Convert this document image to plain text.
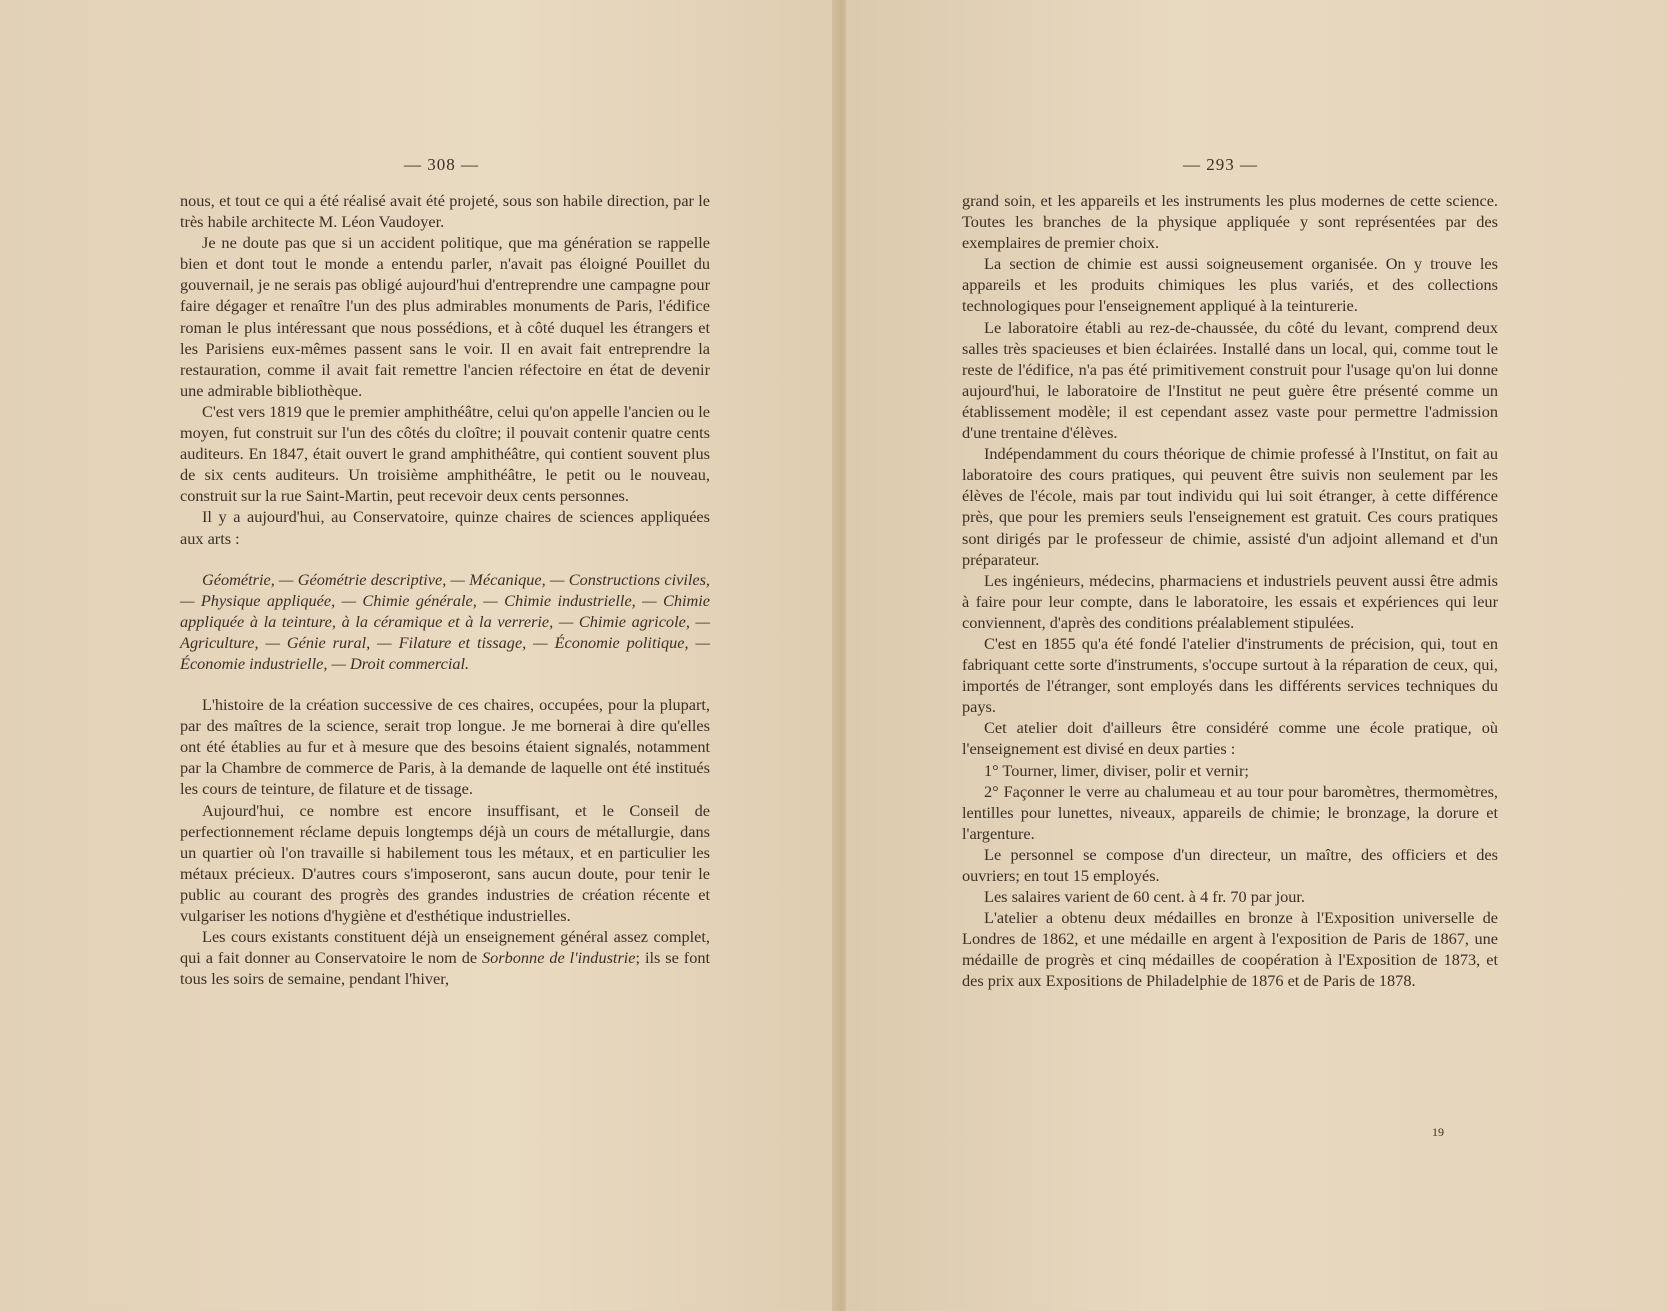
— 308 —

nous, et tout ce qui a été réalisé avait été projeté, sous son habile direction, par le très habile architecte M. Léon Vaudoyer.

Je ne doute pas que si un accident politique, que ma génération se rappelle bien et dont tout le monde a entendu parler, n'avait pas éloigné Pouillet du gouvernail, je ne serais pas obligé aujourd'hui d'entreprendre une campagne pour faire dégager et renaître l'un des plus admirables monuments de Paris, l'édifice roman le plus intéressant que nous possédions, et à côté duquel les étrangers et les Parisiens eux-mêmes passent sans le voir. Il en avait fait entreprendre la restauration, comme il avait fait remettre l'ancien réfectoire en état de devenir une admirable bibliothèque.

C'est vers 1819 que le premier amphithéâtre, celui qu'on appelle l'ancien ou le moyen, fut construit sur l'un des côtés du cloître; il pouvait contenir quatre cents auditeurs. En 1847, était ouvert le grand amphithéâtre, qui contient souvent plus de six cents auditeurs. Un troisième amphithéâtre, le petit ou le nouveau, construit sur la rue Saint-Martin, peut recevoir deux cents personnes.

Il y a aujourd'hui, au Conservatoire, quinze chaires de sciences appliquées aux arts :

Géométrie, — Géométrie descriptive, — Mécanique, — Constructions civiles, — Physique appliquée, — Chimie générale, — Chimie industrielle, — Chimie appliquée à la teinture, à la céramique et à la verrerie, — Chimie agricole, — Agriculture, — Génie rural, — Filature et tissage, — Économie politique, — Économie industrielle, — Droit commercial.

L'histoire de la création successive de ces chaires, occupées, pour la plupart, par des maîtres de la science, serait trop longue. Je me bornerai à dire qu'elles ont été établies au fur et à mesure que des besoins étaient signalés, notamment par la Chambre de commerce de Paris, à la demande de laquelle ont été institués les cours de teinture, de filature et de tissage.

Aujourd'hui, ce nombre est encore insuffisant, et le Conseil de perfectionnement réclame depuis longtemps déjà un cours de métallurgie, dans un quartier où l'on travaille si habilement tous les métaux, et en particulier les métaux précieux. D'autres cours s'imposeront, sans aucun doute, pour tenir le public au courant des progrès des grandes industries de création récente et vulgariser les notions d'hygiène et d'esthétique industrielles.

Les cours existants constituent déjà un enseignement général assez complet, qui a fait donner au Conservatoire le nom de Sorbonne de l'industrie; ils se font tous les soirs de semaine, pendant l'hiver,

— 293 —

grand soin, et les appareils et les instruments les plus modernes de cette science. Toutes les branches de la physique appliquée y sont représentées par des exemplaires de premier choix.

La section de chimie est aussi soigneusement organisée. On y trouve les appareils et les produits chimiques les plus variés, et des collections technologiques pour l'enseignement appliqué à la teinturerie.

Le laboratoire établi au rez-de-chaussée, du côté du levant, comprend deux salles très spacieuses et bien éclairées. Installé dans un local, qui, comme tout le reste de l'édifice, n'a pas été primitivement construit pour l'usage qu'on lui donne aujourd'hui, le laboratoire de l'Institut ne peut guère être présenté comme un établissement modèle; il est cependant assez vaste pour permettre l'admission d'une trentaine d'élèves.

Indépendamment du cours théorique de chimie professé à l'Institut, on fait au laboratoire des cours pratiques, qui peuvent être suivis non seulement par les élèves de l'école, mais par tout individu qui lui soit étranger, à cette différence près, que pour les premiers seuls l'enseignement est gratuit. Ces cours pratiques sont dirigés par le professeur de chimie, assisté d'un adjoint allemand et d'un préparateur.

Les ingénieurs, médecins, pharmaciens et industriels peuvent aussi être admis à faire pour leur compte, dans le laboratoire, les essais et expériences qui leur conviennent, d'après des conditions préalablement stipulées.

C'est en 1855 qu'a été fondé l'atelier d'instruments de précision, qui, tout en fabriquant cette sorte d'instruments, s'occupe surtout à la réparation de ceux, qui, importés de l'étranger, sont employés dans les différents services techniques du pays.

Cet atelier doit d'ailleurs être considéré comme une école pratique, où l'enseignement est divisé en deux parties :

1° Tourner, limer, diviser, polir et vernir;

2° Façonner le verre au chalumeau et au tour pour baromètres, thermomètres, lentilles pour lunettes, niveaux, appareils de chimie; le bronzage, la dorure et l'argenture.

Le personnel se compose d'un directeur, un maître, des officiers et des ouvriers; en tout 15 employés.

Les salaires varient de 60 cent. à 4 fr. 70 par jour.

L'atelier a obtenu deux médailles en bronze à l'Exposition universelle de Londres de 1862, et une médaille en argent à l'exposition de Paris de 1867, une médaille de progrès et cinq médailles de coopération à l'Exposition de 1873, et des prix aux Expositions de Philadelphie de 1876 et de Paris de 1878.

19
